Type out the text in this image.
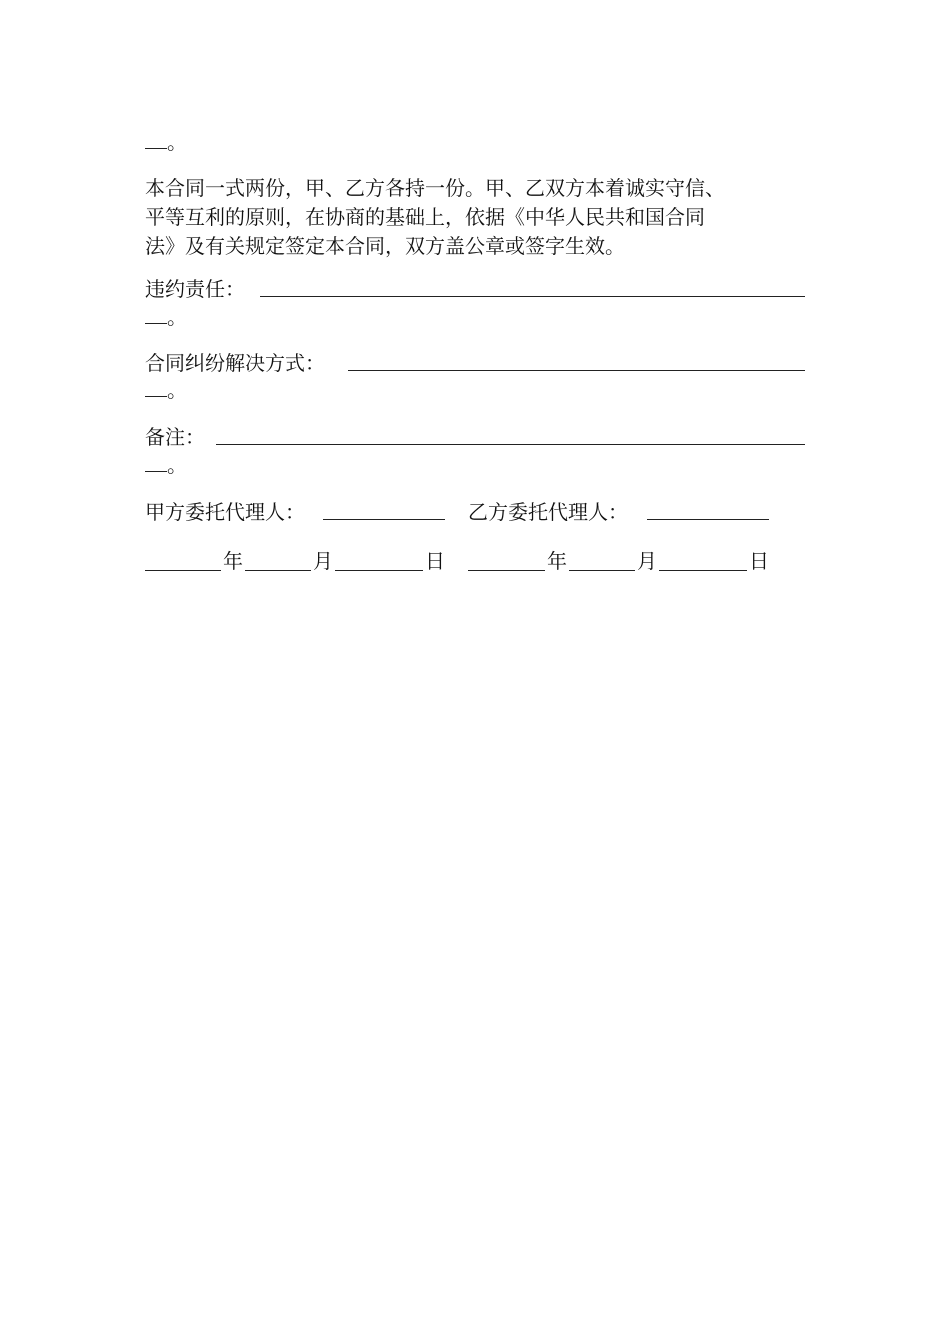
。
本合同一式两份，甲、乙方各持一份。甲、乙双方本着诚实守信、
平等互利的原则，在协商的基础上，依据《中华人民共和国合同
法》及有关规定签定本合同，双方盖公章或签字生效。
违约责任：
。
合同纠纷解决方式：
。
备注：
。
甲方委托代理人：	乙方委托代理人：
年	月	日	年	月	日
